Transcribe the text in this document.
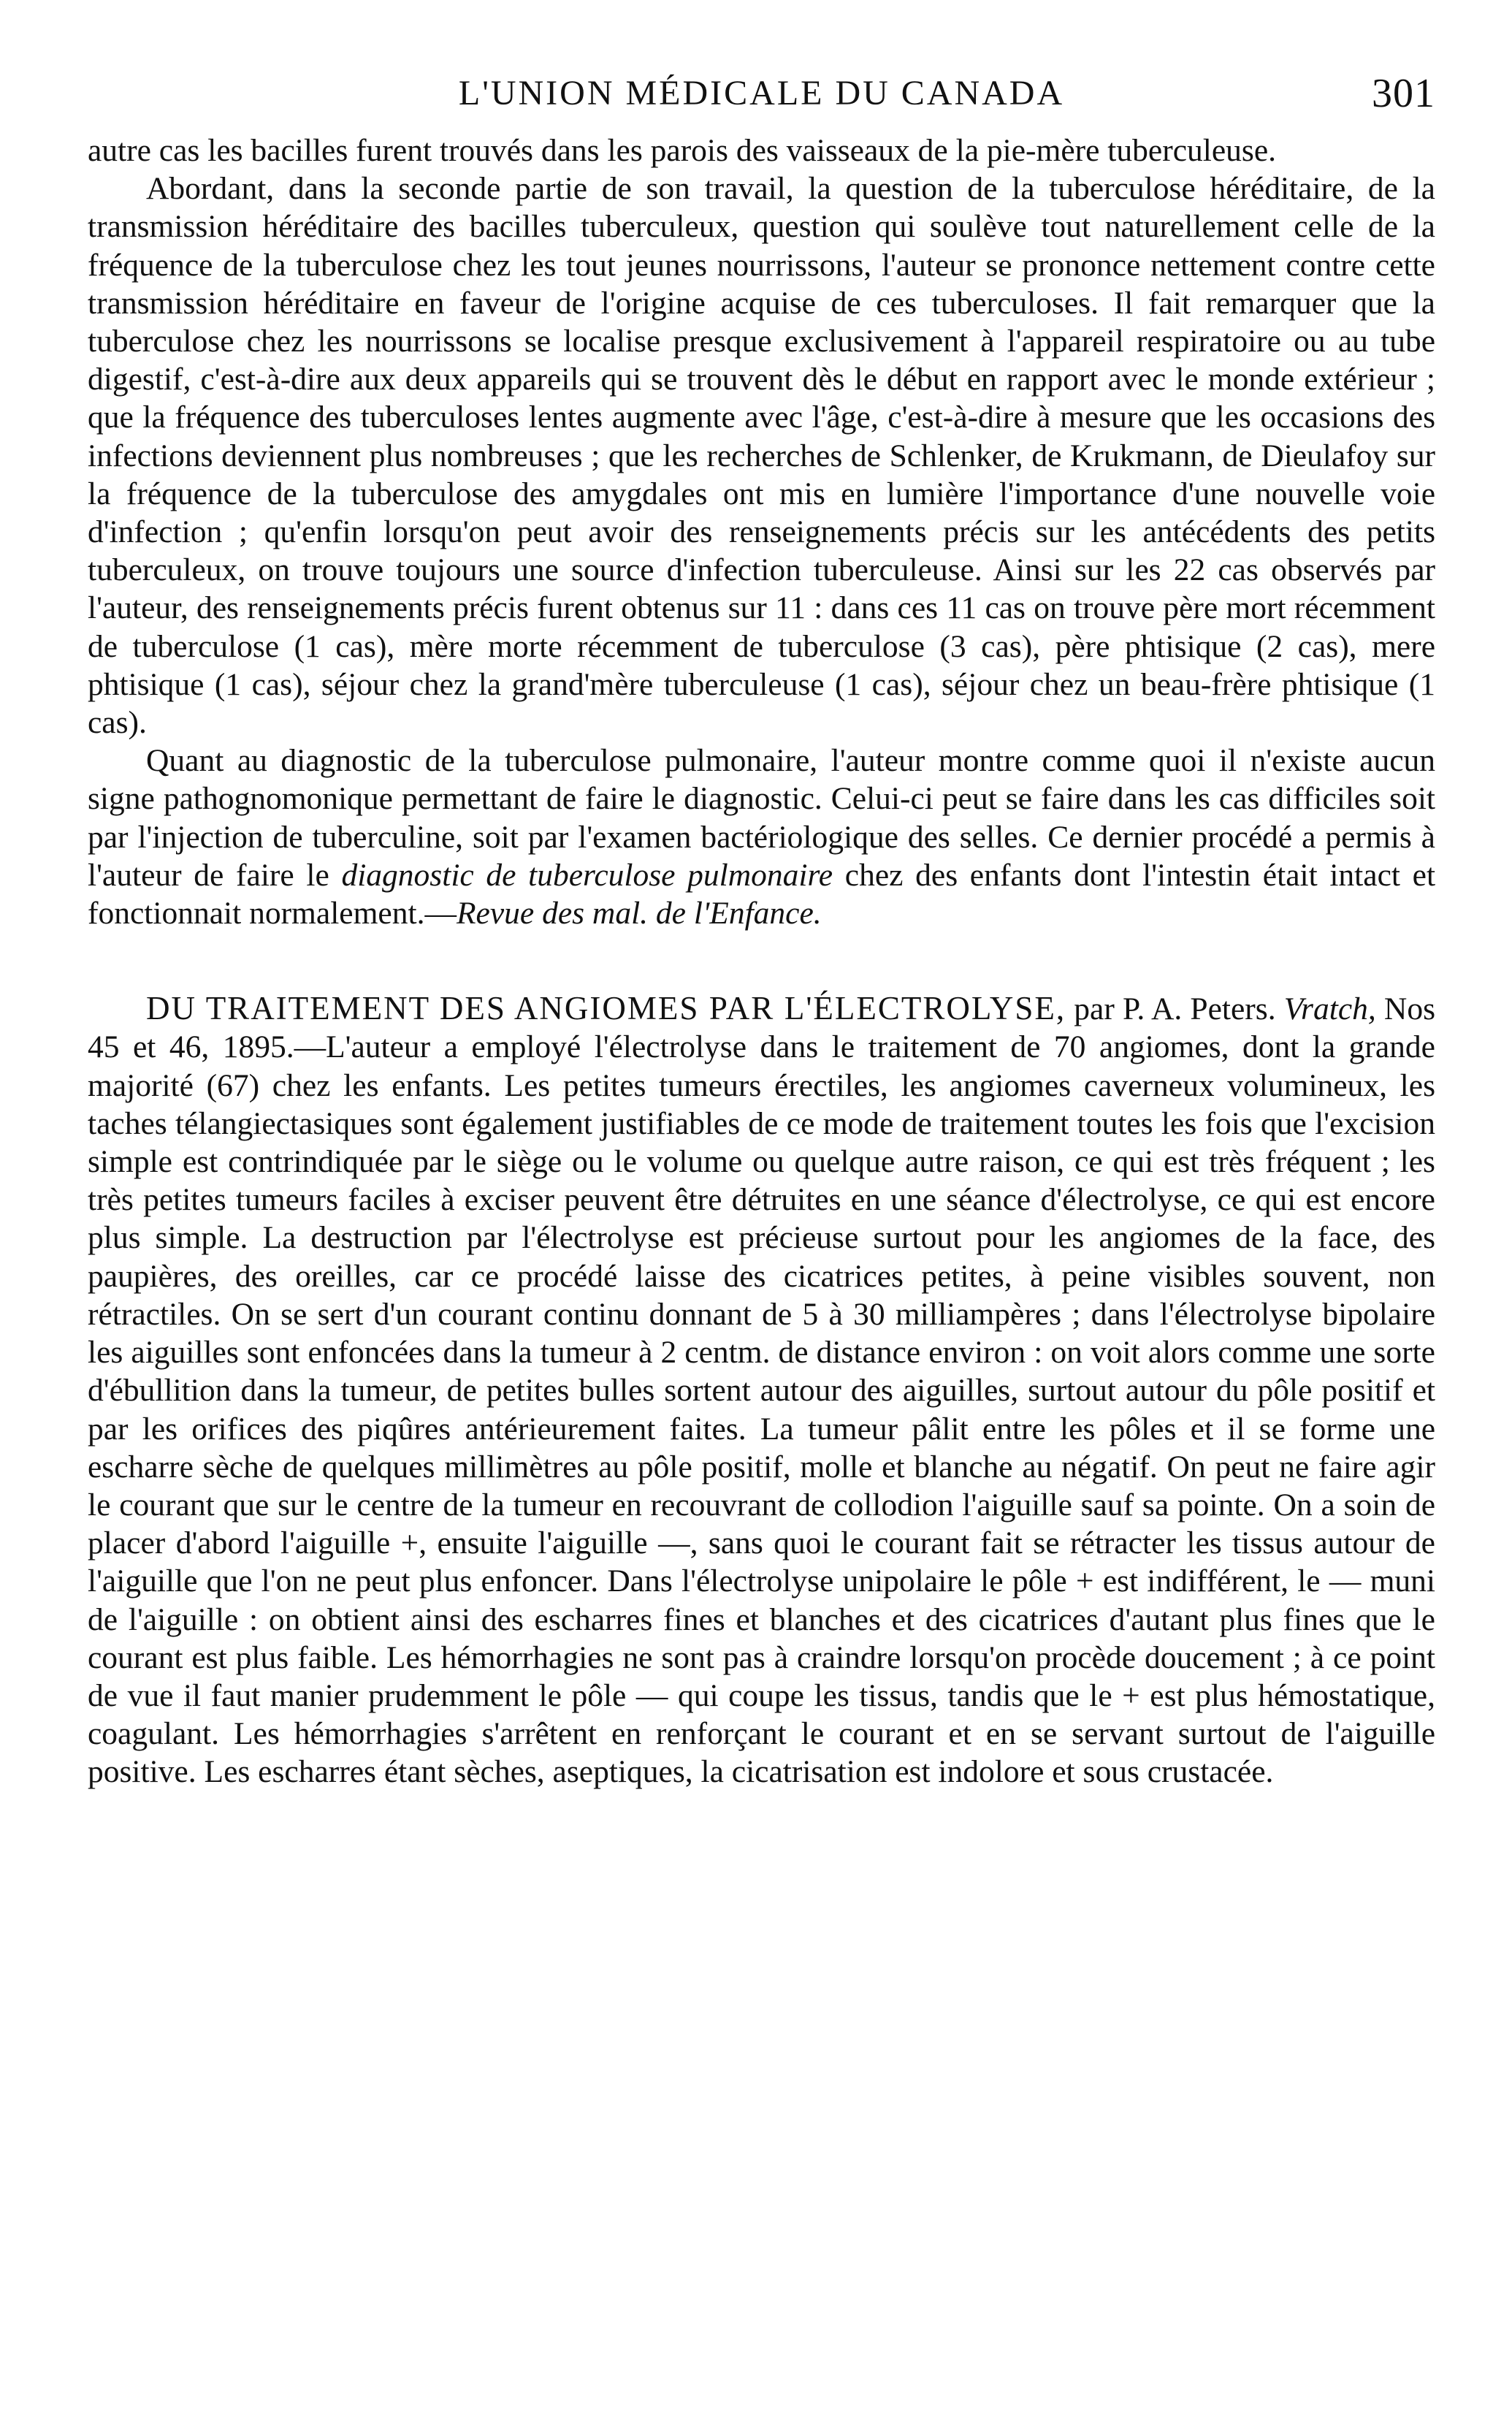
L'UNION MÉDICALE DU CANADA	301

autre cas les bacilles furent trouvés dans les parois des vaisseaux de la pie-mère tuberculeuse.

Abordant, dans la seconde partie de son travail, la question de la tuberculose héréditaire, de la transmission héréditaire des bacilles tuberculeux, question qui soulève tout naturellement celle de la fréquence de la tuberculose chez les tout jeunes nourrissons, l'auteur se prononce nettement contre cette transmission héréditaire en faveur de l'origine acquise de ces tuberculoses. Il fait remarquer que la tuberculose chez les nourrissons se localise presque exclusivement à l'appareil respiratoire ou au tube digestif, c'est-à-dire aux deux appareils qui se trouvent dès le début en rapport avec le monde extérieur ; que la fréquence des tuberculoses lentes augmente avec l'âge, c'est-à-dire à mesure que les occasions des infections deviennent plus nombreuses ; que les recherches de Schlenker, de Krukmann, de Dieulafoy sur la fréquence de la tuberculose des amygdales ont mis en lumière l'importance d'une nouvelle voie d'infection ; qu'enfin lorsqu'on peut avoir des renseignements précis sur les antécédents des petits tuberculeux, on trouve toujours une source d'infection tuberculeuse. Ainsi sur les 22 cas observés par l'auteur, des renseignements précis furent obtenus sur 11 : dans ces 11 cas on trouve père mort récemment de tuberculose (1 cas), mère morte récemment de tuberculose (3 cas), père phtisique (2 cas), mere phtisique (1 cas), séjour chez la grand'mère tuberculeuse (1 cas), séjour chez un beau-frère phtisique (1 cas).

Quant au diagnostic de la tuberculose pulmonaire, l'auteur montre comme quoi il n'existe aucun signe pathognomonique permettant de faire le diagnostic. Celui-ci peut se faire dans les cas difficiles soit par l'injection de tuberculine, soit par l'examen bactériologique des selles. Ce dernier procédé a permis à l'auteur de faire le diagnostic de tuberculose pulmonaire chez des enfants dont l'intestin était intact et fonctionnait normalement.—Revue des mal. de l'Enfance.

DU TRAITEMENT DES ANGIOMES PAR L'ÉLECTROLYSE, par P. A. Peters. Vratch, Nos 45 et 46, 1895.—L'auteur a employé l'électrolyse dans le traitement de 70 angiomes, dont la grande majorité (67) chez les enfants. Les petites tumeurs érectiles, les angiomes caverneux volumineux, les taches télangiectasiques sont également justifiables de ce mode de traitement toutes les fois que l'excision simple est contrindiquée par le siège ou le volume ou quelque autre raison, ce qui est très fréquent ; les très petites tumeurs faciles à exciser peuvent être détruites en une séance d'électrolyse, ce qui est encore plus simple. La destruction par l'électrolyse est précieuse surtout pour les angiomes de la face, des paupières, des oreilles, car ce procédé laisse des cicatrices petites, à peine visibles souvent, non rétractiles. On se sert d'un courant continu donnant de 5 à 30 milliampères ; dans l'électrolyse bipolaire les aiguilles sont enfoncées dans la tumeur à 2 centm. de distance environ : on voit alors comme une sorte d'ébullition dans la tumeur, de petites bulles sortent autour des aiguilles, surtout autour du pôle positif et par les orifices des piqûres antérieurement faites. La tumeur pâlit entre les pôles et il se forme une escharre sèche de quelques millimètres au pôle positif, molle et blanche au négatif. On peut ne faire agir le courant que sur le centre de la tumeur en recouvrant de collodion l'aiguille sauf sa pointe. On a soin de placer d'abord l'aiguille +, ensuite l'aiguille —, sans quoi le courant fait se rétracter les tissus autour de l'aiguille que l'on ne peut plus enfoncer. Dans l'électrolyse unipolaire le pôle + est indifférent, le — muni de l'aiguille : on obtient ainsi des escharres fines et blanches et des cicatrices d'autant plus fines que le courant est plus faible. Les hémorrhagies ne sont pas à craindre lorsqu'on procède doucement ; à ce point de vue il faut manier prudemment le pôle — qui coupe les tissus, tandis que le + est plus hémostatique, coagulant. Les hémorrhagies s'arrêtent en renforçant le courant et en se servant surtout de l'aiguille positive. Les escharres étant sèches, aseptiques, la cicatrisation est indolore et sous crustacée.
